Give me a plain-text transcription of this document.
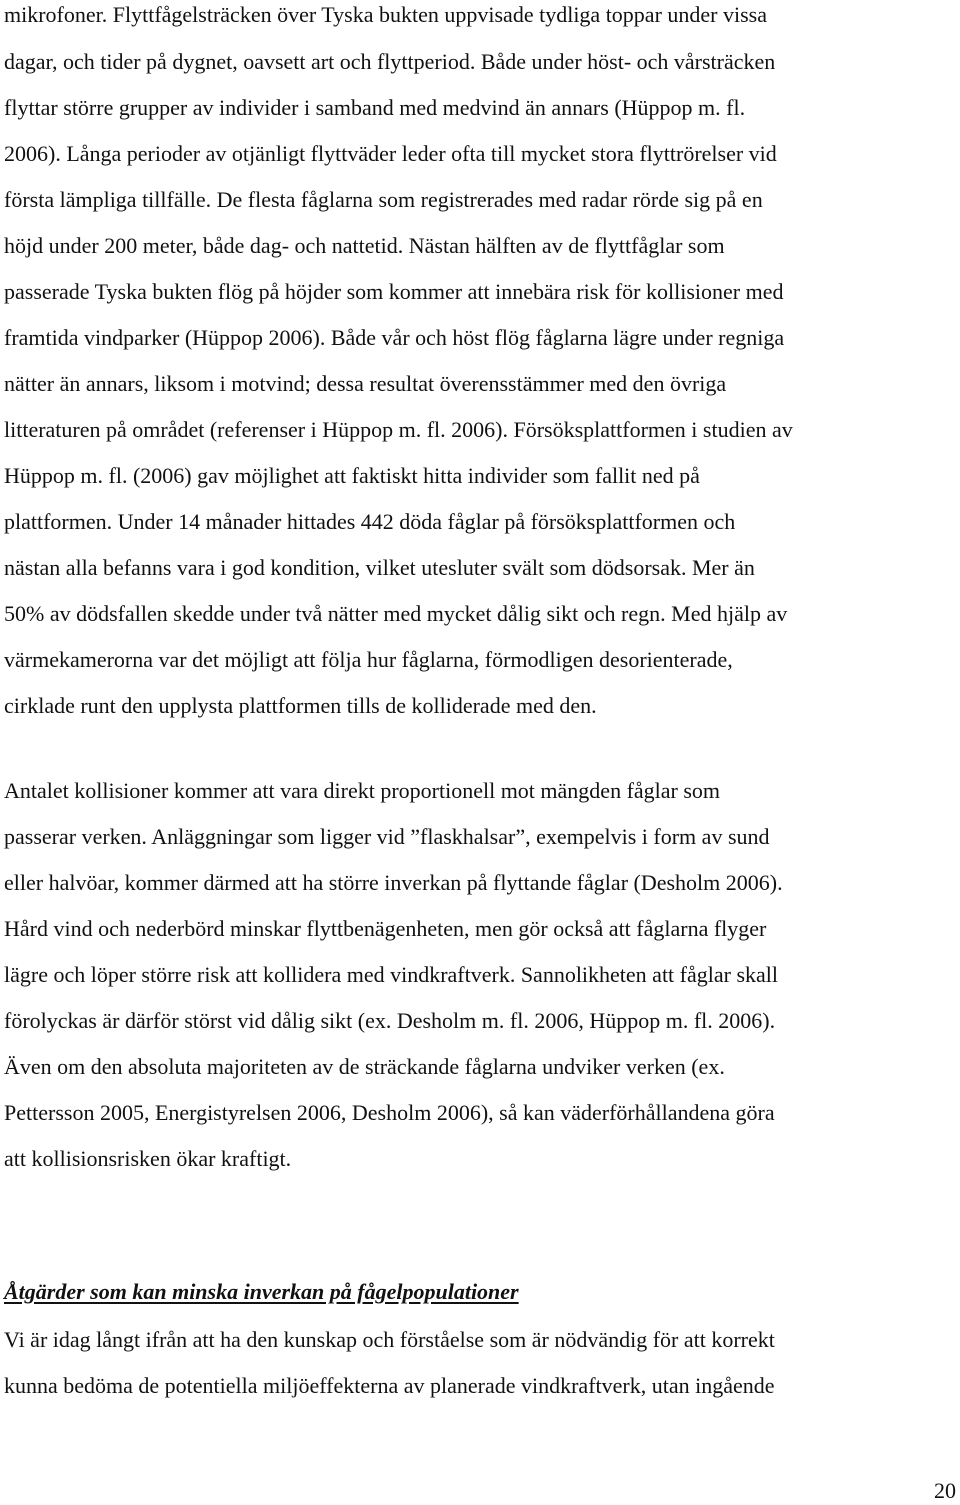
mikrofoner. Flyttfågelsträcken över Tyska bukten uppvisade tydliga toppar under vissa

dagar, och tider på dygnet, oavsett art och flyttperiod. Både under höst- och vårsträcken

flyttar större grupper av individer i samband med medvind än annars (Hüppop m. fl.

2006). Långa perioder av otjänligt flyttväder leder ofta till mycket stora flyttrörelser vid

första lämpliga tillfälle. De flesta fåglarna som registrerades med radar rörde sig på en

höjd under 200 meter, både dag- och nattetid. Nästan hälften av de flyttfåglar som

passerade Tyska bukten flög på höjder som kommer att innebära risk för kollisioner med

framtida vindparker (Hüppop 2006). Både vår och höst flög fåglarna lägre under regniga

nätter än annars, liksom i motvind; dessa resultat överensstämmer med den övriga

litteraturen på området (referenser i Hüppop m. fl. 2006). Försöksplattformen i studien av

Hüppop m. fl. (2006) gav möjlighet att faktiskt hitta individer som fallit ned på

plattformen. Under 14 månader hittades 442 döda fåglar på försöksplattformen och

nästan alla befanns vara i god kondition, vilket utesluter svält som dödsorsak. Mer än

50% av dödsfallen skedde under två nätter med mycket dålig sikt och regn. Med hjälp av

värmekamerorna var det möjligt att följa hur fåglarna, förmodligen desorienterade,

cirklade runt den upplysta plattformen tills de kolliderade med den.

Antalet kollisioner kommer att vara direkt proportionell mot mängden fåglar som

passerar verken. Anläggningar som ligger vid ”flaskhalsar”, exempelvis i form av sund

eller halvöar, kommer därmed att ha större inverkan på flyttande fåglar (Desholm 2006).

Hård vind och nederbörd minskar flyttbenägenheten, men gör också att fåglarna flyger

lägre och löper större risk att kollidera med vindkraftverk. Sannolikheten att fåglar skall

förolyckas är därför störst vid dålig sikt (ex. Desholm m. fl. 2006, Hüppop m. fl. 2006).

Även om den absoluta majoriteten av de sträckande fåglarna undviker verken (ex.

Pettersson 2005, Energistyrelsen 2006, Desholm 2006), så kan väderförhållandena göra

att kollisionsrisken ökar kraftigt.

Åtgärder som kan minska inverkan på fågelpopulationer

Vi är idag långt ifrån att ha den kunskap och förståelse som är nödvändig för att korrekt

kunna bedöma de potentiella miljöeffekterna av planerade vindkraftverk, utan ingående

20
